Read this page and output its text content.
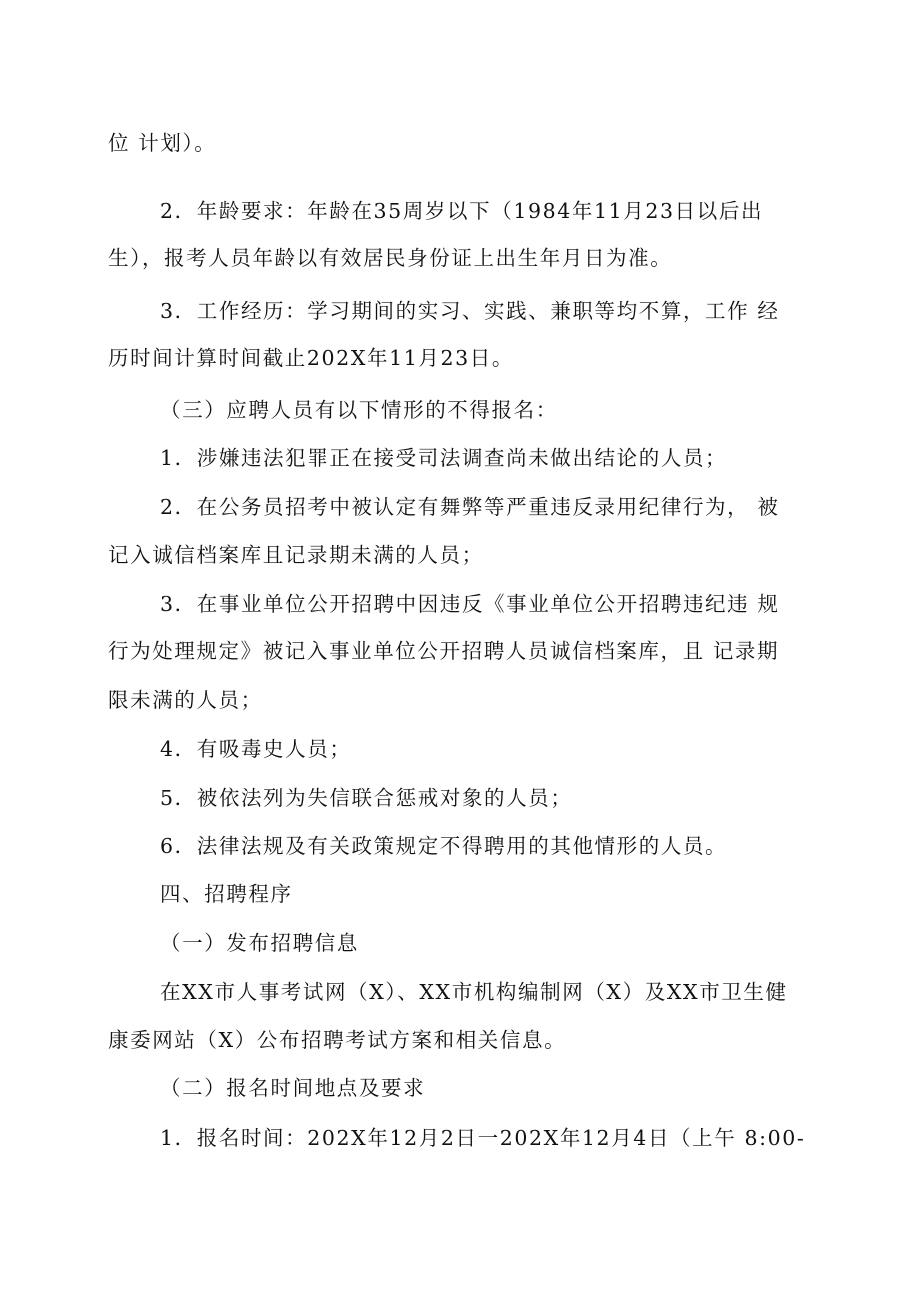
位 计划）。
2．年龄要求：年龄在35周岁以下（1984年11月23日以后出
生），报考人员年龄以有效居民身份证上出生年月日为准。
3．工作经历：学习期间的实习、实践、兼职等均不算，工作 经
历时间计算时间截止202X年11月23日。
（三）应聘人员有以下情形的不得报名：
1．涉嫌违法犯罪正在接受司法调查尚未做出结论的人员；
2．在公务员招考中被认定有舞弊等严重违反录用纪律行为， 被
记入诚信档案库且记录期未满的人员；
3．在事业单位公开招聘中因违反《事业单位公开招聘违纪违 规
行为处理规定》被记入事业单位公开招聘人员诚信档案库，且 记录期
限未满的人员；
4．有吸毒史人员；
5．被依法列为失信联合惩戒对象的人员；
6．法律法规及有关政策规定不得聘用的其他情形的人员。
四、招聘程序
（一）发布招聘信息
在XX市人事考试网（X）、XX市机构编制网（X）及XX市卫生健
康委网站（X）公布招聘考试方案和相关信息。
（二）报名时间地点及要求
1．报名时间：202X年12月2日一202X年12月4日（上午 8:00-
